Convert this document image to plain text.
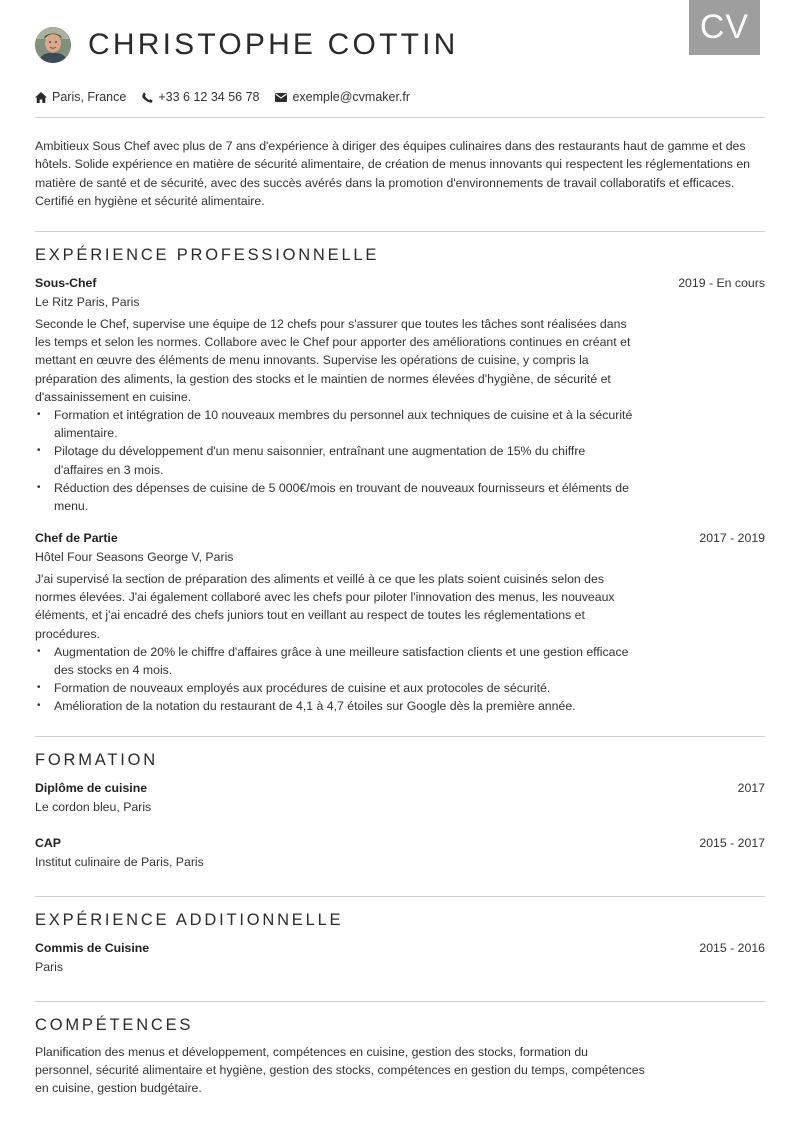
CV
CHRISTOPHE COTTIN
Paris, France	+33 6 12 34 56 78	exemple@cvmaker.fr
Ambitieux Sous Chef avec plus de 7 ans d'expérience à diriger des équipes culinaires dans des restaurants haut de gamme et des hôtels. Solide expérience en matière de sécurité alimentaire, de création de menus innovants qui respectent les réglementations en matière de santé et de sécurité, avec des succès avérés dans la promotion d'environnements de travail collaboratifs et efficaces. Certifié en hygiène et sécurité alimentaire.
EXPÉRIENCE PROFESSIONNELLE
Sous-Chef	2019 - En cours
Le Ritz Paris, Paris
Seconde le Chef, supervise une équipe de 12 chefs pour s'assurer que toutes les tâches sont réalisées dans les temps et selon les normes. Collabore avec le Chef pour apporter des améliorations continues en créant et mettant en œuvre des éléments de menu innovants. Supervise les opérations de cuisine, y compris la préparation des aliments, la gestion des stocks et le maintien de normes élevées d'hygiène, de sécurité et d'assainissement en cuisine.
• Formation et intégration de 10 nouveaux membres du personnel aux techniques de cuisine et à la sécurité alimentaire.
• Pilotage du développement d'un menu saisonnier, entraînant une augmentation de 15% du chiffre d'affaires en 3 mois.
• Réduction des dépenses de cuisine de 5 000€/mois en trouvant de nouveaux fournisseurs et éléments de menu.
Chef de Partie	2017 - 2019
Hôtel Four Seasons George V, Paris
J'ai supervisé la section de préparation des aliments et veillé à ce que les plats soient cuisinés selon des normes élevées. J'ai également collaboré avec les chefs pour piloter l'innovation des menus, les nouveaux éléments, et j'ai encadré des chefs juniors tout en veillant au respect de toutes les réglementations et procédures.
• Augmentation de 20% le chiffre d'affaires grâce à une meilleure satisfaction clients et une gestion efficace des stocks en 4 mois.
• Formation de nouveaux employés aux procédures de cuisine et aux protocoles de sécurité.
• Amélioration de la notation du restaurant de 4,1 à 4,7 étoiles sur Google dès la première année.
FORMATION
Diplôme de cuisine	2017
Le cordon bleu, Paris
CAP	2015 - 2017
Institut culinaire de Paris, Paris
EXPÉRIENCE ADDITIONNELLE
Commis de Cuisine	2015 - 2016
Paris
COMPÉTENCES
Planification des menus et développement, compétences en cuisine, gestion des stocks, formation du personnel, sécurité alimentaire et hygiène, gestion des stocks, compétences en gestion du temps, compétences en cuisine, gestion budgétaire.
